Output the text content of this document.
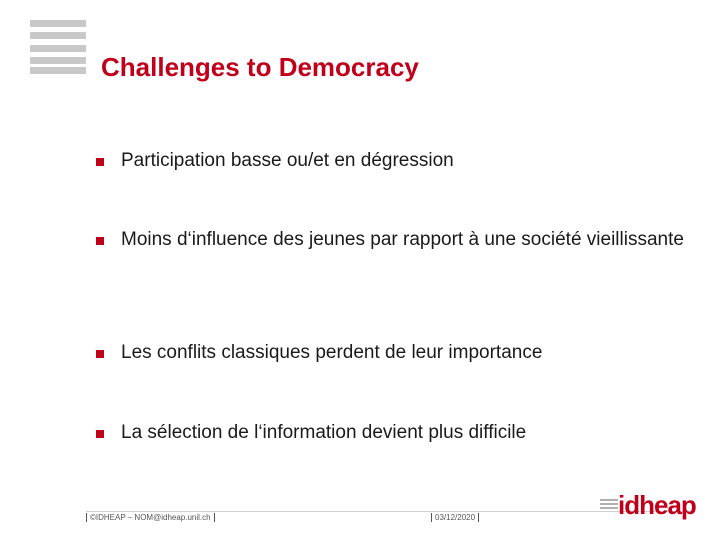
Challenges to Democracy
Participation basse ou/et en dégression
Moins d‘influence des jeunes par rapport à une société vieillissante
Les conflits classiques perdent de leur importance
La sélection de l‘information devient plus difficile
©IDHEAP – NOM@idheap.unil.ch	03/12/2020	idheap
